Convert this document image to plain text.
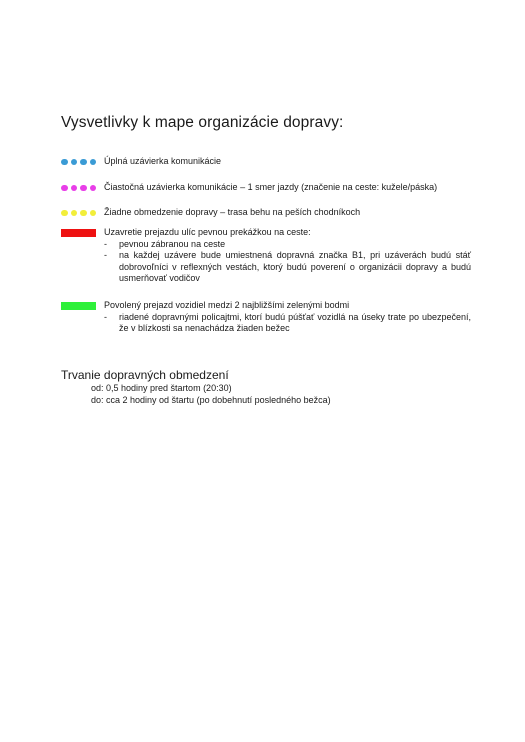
Vysvetlivky k mape organizácie dopravy:
Úplná uzávierka komunikácie
Čiastočná uzávierka komunikácie – 1 smer jazdy (značenie na ceste: kužele/páska)
Žiadne obmedzenie dopravy – trasa behu na peších chodníkoch
Uzavretie prejazdu ulíc pevnou prekážkou na ceste:
- pevnou zábranou na ceste
- na každej uzávere bude umiestnená dopravná značka B1, pri uzáverách budú stáť dobrovoľníci v reflexných vestách, ktorý budú poverení o organizácii dopravy a budú usmerňovať vodičov
Povolený prejazd vozidiel medzi 2 najbližšími zelenými bodmi
- riadené dopravnými policajtmi, ktorí budú púšťať vozidlá na úseky trate po ubezpečení, že v blízkosti sa nenachádza žiaden bežec
Trvanie dopravných obmedzení
od: 0,5 hodiny pred štartom (20:30)
do: cca 2 hodiny od štartu (po dobehnutí posledného bežca)
